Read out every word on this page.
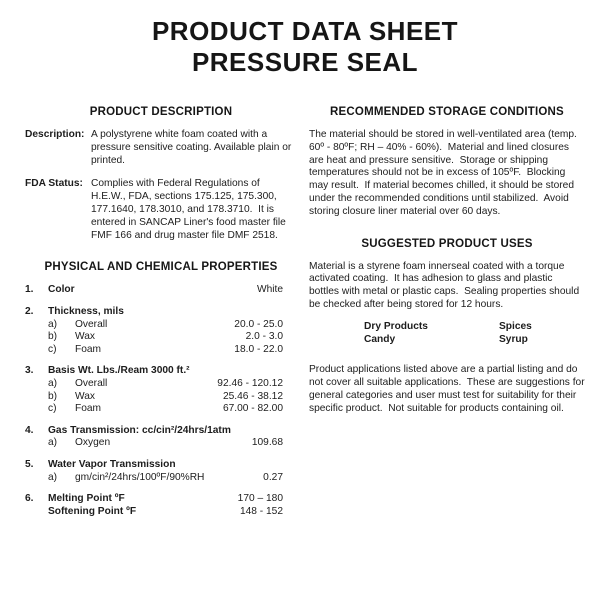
PRODUCT DATA SHEET
PRESSURE SEAL
PRODUCT DESCRIPTION
Description: A polystyrene white foam coated with a pressure sensitive coating. Available plain or printed.
FDA Status: Complies with Federal Regulations of H.E.W., FDA, sections 175.125, 175.300, 177.1640, 178.3010, and 178.3710.  It is entered in SANCAP Liner's food master file FMF 166 and drug master file DMF 2518.
PHYSICAL AND CHEMICAL PROPERTIES
1.	Color	White
2.	Thickness, mils
a)	Overall	20.0 - 25.0
b)	Wax	2.0 - 3.0
c)	Foam	18.0 - 22.0
3.	Basis Wt. Lbs./Ream 3000 ft.²
a)	Overall	92.46 - 120.12
b)	Wax	25.46 - 38.12
c)	Foam	67.00 - 82.00
4.	Gas Transmission: cc/cin²/24hrs/1atm
a)	Oxygen	109.68
5.	Water Vapor Transmission
a)	gm/cin²/24hrs/100ºF/90%RH	0.27
6.	Melting Point ºF	170 – 180
Softening Point ºF	148 - 152
RECOMMENDED STORAGE CONDITIONS

The material should be stored in well-ventilated area (temp. 60º - 80ºF; RH – 40% - 60%).  Material and lined closures are heat and pressure sensitive.  Storage or shipping temperatures should not be in excess of 105ºF.  Blocking may result.  If material becomes chilled, it should be stored under the recommended conditions until stabilized.  Avoid storing closure liner material over 60 days.

SUGGESTED PRODUCT USES

Material is a styrene foam innerseal coated with a torque activated coating.  It has adhesion to glass and plastic bottles with metal or plastic caps.  Sealing properties should be checked after being stored for 12 hours.

Dry Products	Spices
Candy	Syrup

Product applications listed above are a partial listing and do not cover all suitable applications.  These are suggestions for general categories and user must test for suitability for their specific product.  Not suitable for products containing oil.
